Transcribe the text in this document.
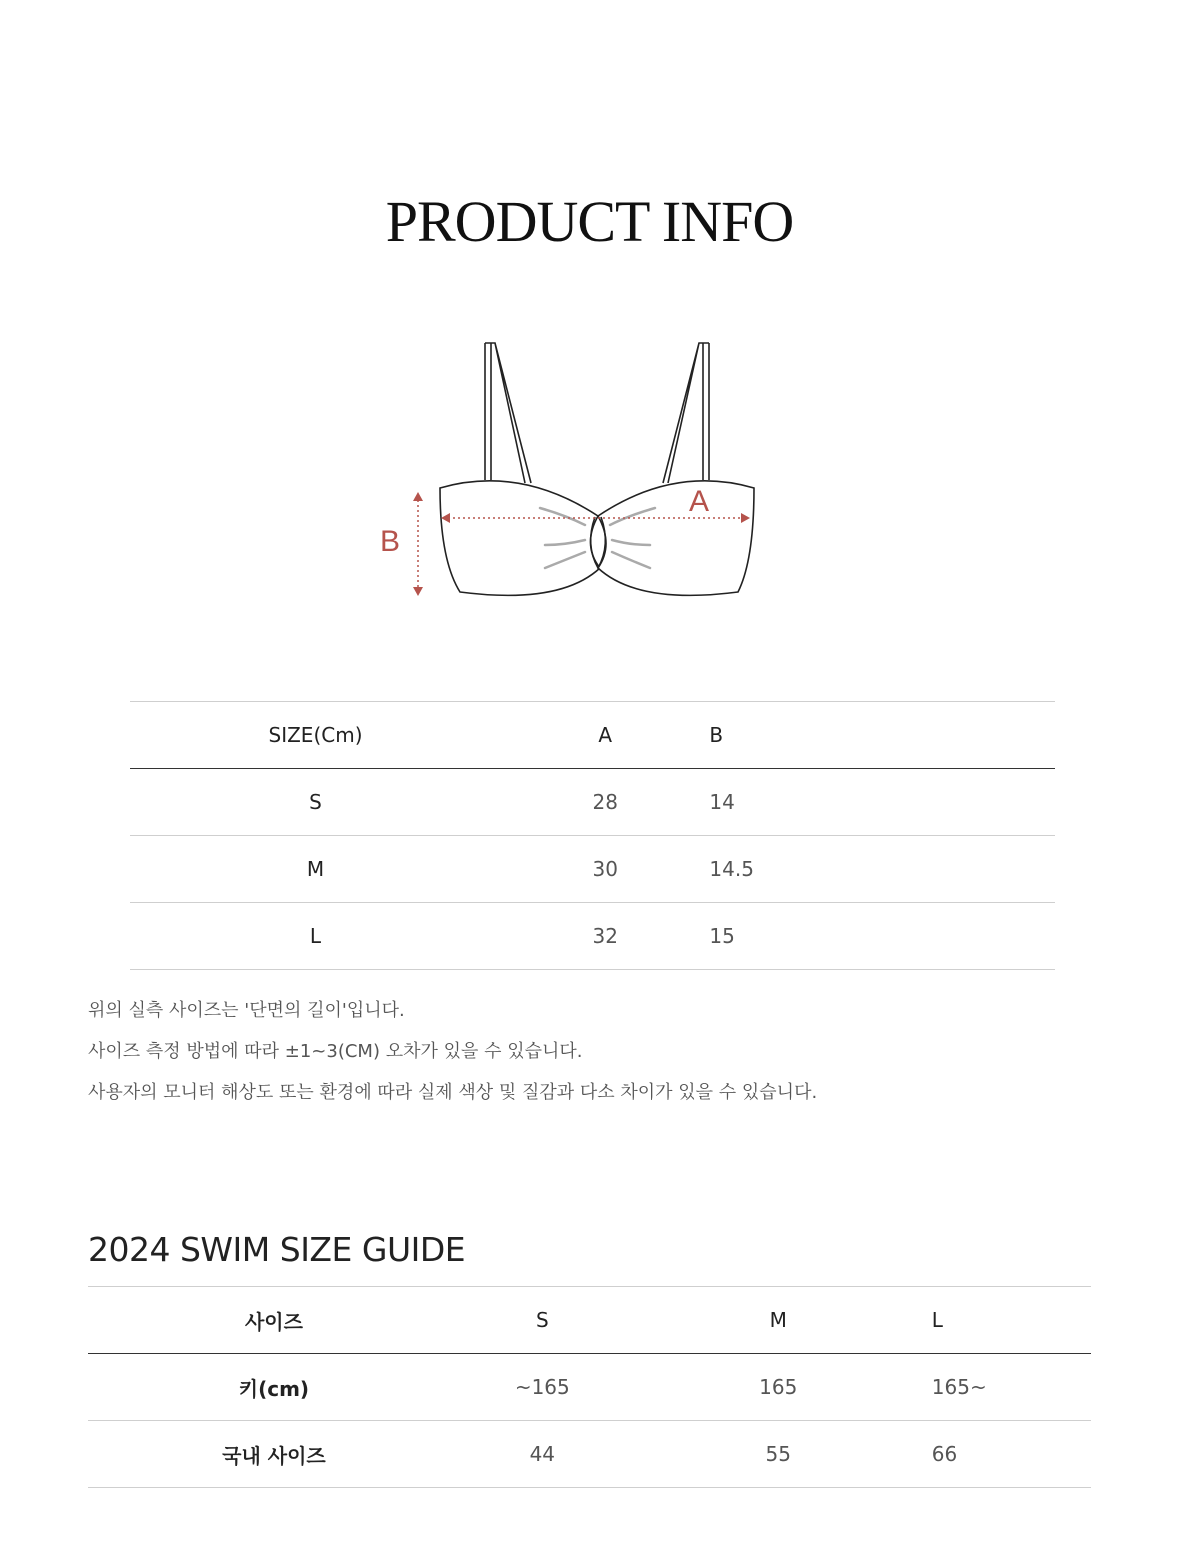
PRODUCT INFO
A
B
SIZE(Cm)	A	B
S	28	14
M	30	14.5
L	32	15
위의 실측 사이즈는 '단면의 길이'입니다.
사이즈 측정 방법에 따라 ±1~3(CM) 오차가 있을 수 있습니다.
사용자의 모니터 해상도 또는 환경에 따라 실제 색상 및 질감과 다소 차이가 있을 수 있습니다.
2024 SWIM SIZE GUIDE
사이즈	S	M	L
키(cm)	~165	165	165~
국내 사이즈	44	55	66
